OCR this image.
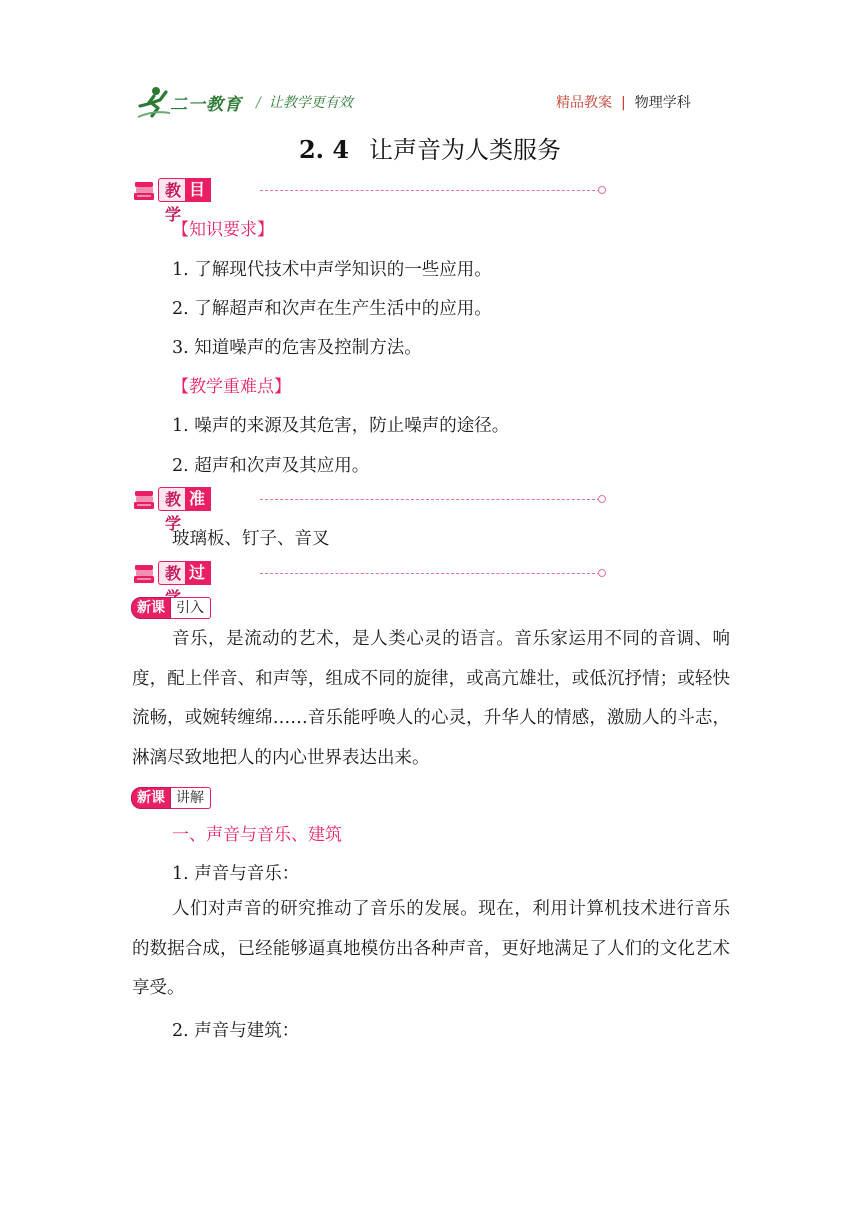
二一教育 / 让教学更有效	精品教案 | 物理学科
2. 4 让声音为人类服务
教学
目标
【知识要求】
1. 了解现代技术中声学知识的一些应用。
2. 了解超声和次声在生产生活中的应用。
3. 知道噪声的危害及控制方法。
【教学重难点】
1. 噪声的来源及其危害，防止噪声的途径。
2. 超声和次声及其应用。
教学
准备
玻璃板、钉子、音叉
教 过
新课 引入
音乐，是流动的艺术，是人类心灵的语言。音乐家运用不同的音调、响度，配上伴音、和声等，组成不同的旋律，或高亢雄壮，或低沉抒情；或轻快流畅，或婉转缠绵……音乐能呼唤人的心灵，升华人的情感，激励人的斗志，淋漓尽致地把人的内心世界表达出来。
新课 讲解
一、声音与音乐、建筑
1. 声音与音乐：
人们对声音的研究推动了音乐的发展。现在，利用计算机技术进行音乐的数据合成，已经能够逼真地模仿出各种声音，更好地满足了人们的文化艺术享受。
2. 声音与建筑：
